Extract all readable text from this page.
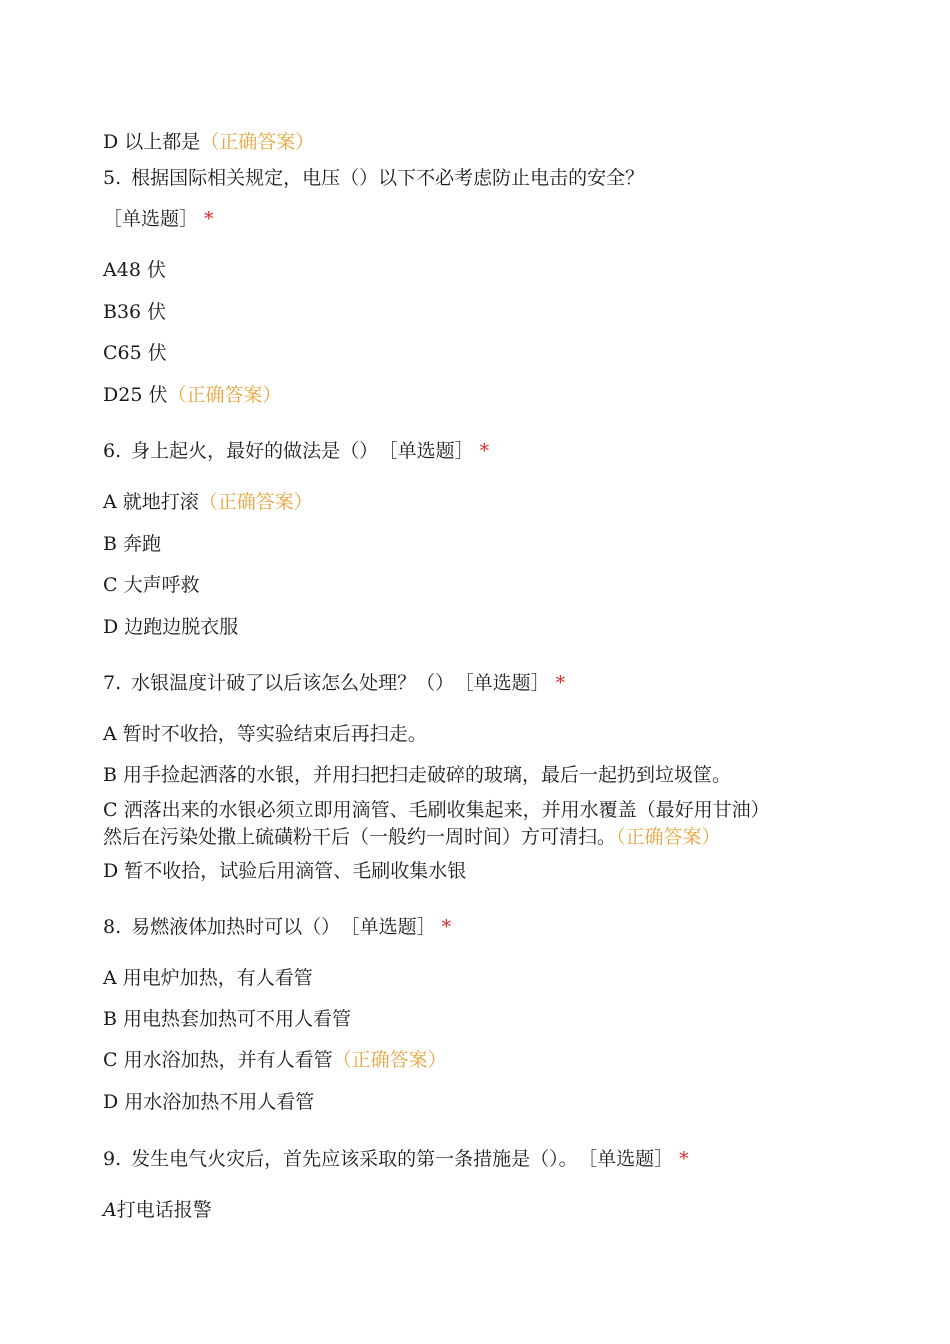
D 以上都是（正确答案）
5. 根据国际相关规定，电压（）以下不必考虑防止电击的安全？
［单选题］ *
A48 伏
B36 伏
C65 伏
D25 伏（正确答案）
6. 身上起火，最好的做法是（） ［单选题］ *
A 就地打滚（正确答案）
B 奔跑
C 大声呼救
D 边跑边脱衣服
7. 水银温度计破了以后该怎么处理？（） ［单选题］ *
A 暂时不收拾，等实验结束后再扫走。
B 用手捡起洒落的水银，并用扫把扫走破碎的玻璃，最后一起扔到垃圾筐。
C 洒落出来的水银必须立即用滴管、毛刷收集起来，并用水覆盖（最好用甘油）
然后在污染处撒上硫磺粉干后（一般约一周时间）方可清扫。（正确答案）
D 暂不收拾，试验后用滴管、毛刷收集水银
8. 易燃液体加热时可以（） ［单选题］ *
A 用电炉加热，有人看管
B 用电热套加热可不用人看管
C 用水浴加热，并有人看管（正确答案）
D 用水浴加热不用人看管
9. 发生电气火灾后，首先应该采取的第一条措施是（）。 ［单选题］ *
A打电话报警
